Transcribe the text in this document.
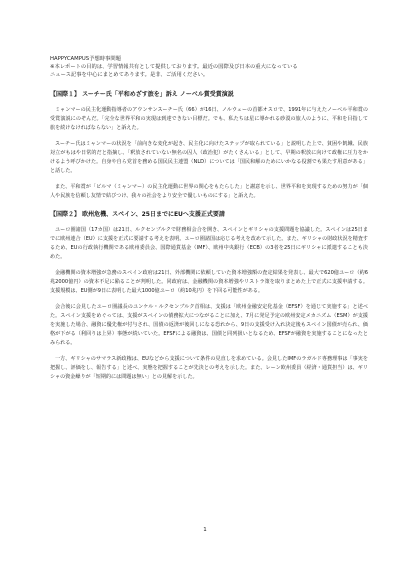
HAPPYCAMPUS予想時事問題
※本レポートの目的は、学習情報共有として提供しております。最近の国際及び日本の重大になっている
ニュース記事を中心にまとめてあります。是非、ご活用ください。
【国際１】 スーチー氏「平和めざす旅を」訴え ノーベル賞受賞演説

ミャンマーの民主化運動指導者のアウンサンスーチー氏（66）が16日、ノルウェーの首都オスロで、1991年に与えたノーベル平和賞の受賞演説にのぞんだ。「完全な世界平和の実現は到達できない目標だ。でも、私たちは星に導かれる砂漠の旅人のように、平和を目指して旅を続けなければならない」と訴えた。

スーチー氏はミャンマーの状況を「前向きな変化が起き、民主化に向けたステップが取られている」と説明した上で、貧困や飢餓、民族対立がもはや日常的だと指摘し、「釈放されていない無名の囚人（政治犯）がたくさんいる」として、早期の釈放に向けて政権に圧力をかけるよう呼びかけた。自身や自ら党首を務める国民民主連盟（NLD）については「国民和解のためにいかなる役割でも果たす用意がある」と話した。

また、平和賞が「ビルマ（ミャンマー）の民主化運動に世界の関心をもたらした」と謝意を示し、世界平和を実現するための努力が「個人や民族を信頼し友情で結びつけ、我々の社会をより安全で優しいものにする」と訴えた。

【国際２】 欧州危機、スペイン、25日までにEUへ支援正式要請

ユーロ圏諸国（17カ国）は21日、ルクセンブルクで財務相会合を開き、スペインとギリシャの支援問題を協議した。スペインは25日までに欧州連合（EU）に支援を正式に要請する考えを表明。ユーロ圏諸国は応じる考えを改めて示した。また、ギリシャの財政状況を精査するため、EUの行政執行機関である欧州委員会、国際通貨基金（IMF）、欧州中央銀行（ECB）の3者を25日にギリシャに派遣することも決めた。

金融機関の資本増強が急務のスペイン政府は21日、外部機関に依頼していた資本増強額の査定結果を発表し、最大で620億ユーロ（約6兆2000億円）の資本不足に陥ることが判明した。同政府は、金融機関の資本増強やリストラ策を取りまとめた上で正式に支援申請する。支援規模は、EU側が9日に表明した最大1000億ユーロ（約10兆円）を下回る可能性がある。

会合後に会見したユーロ圏議長のユンケル・ルクセンブルク首相は、支援は「欧州金融安定化基金（EFSF）を通じて実施する」と述べた。スペイン支援をめぐっては、支援がスペインの債務拡大につながることに加え、7月に発足予定の欧州安定メカニズム（ESM）が支援を実施した場合、融資に優先権が付与され、国債の返済が後回しになる恐れから、9日の支援受け入れ決定後もスペイン国債が売られ、価格が下がる（利回りは上昇）事態が続いていた。EFSFによる融資は、国債と同列扱いとなるため、EFSFが融資を実施することになったとみられる。

一方、ギリシャのサマラス新政権は、EUなどから支援について条件の見直しを求めている。会見したIMFのラガルド専務理事は「事実を把握し、評価をし、報告する」と述べ、実態を把握することが先決との考えを示した。また、レーン欧州委員（経済・通貨担当）は、ギリシャの資金繰りが「短期的には問題は無い」との見解を示した。

1
